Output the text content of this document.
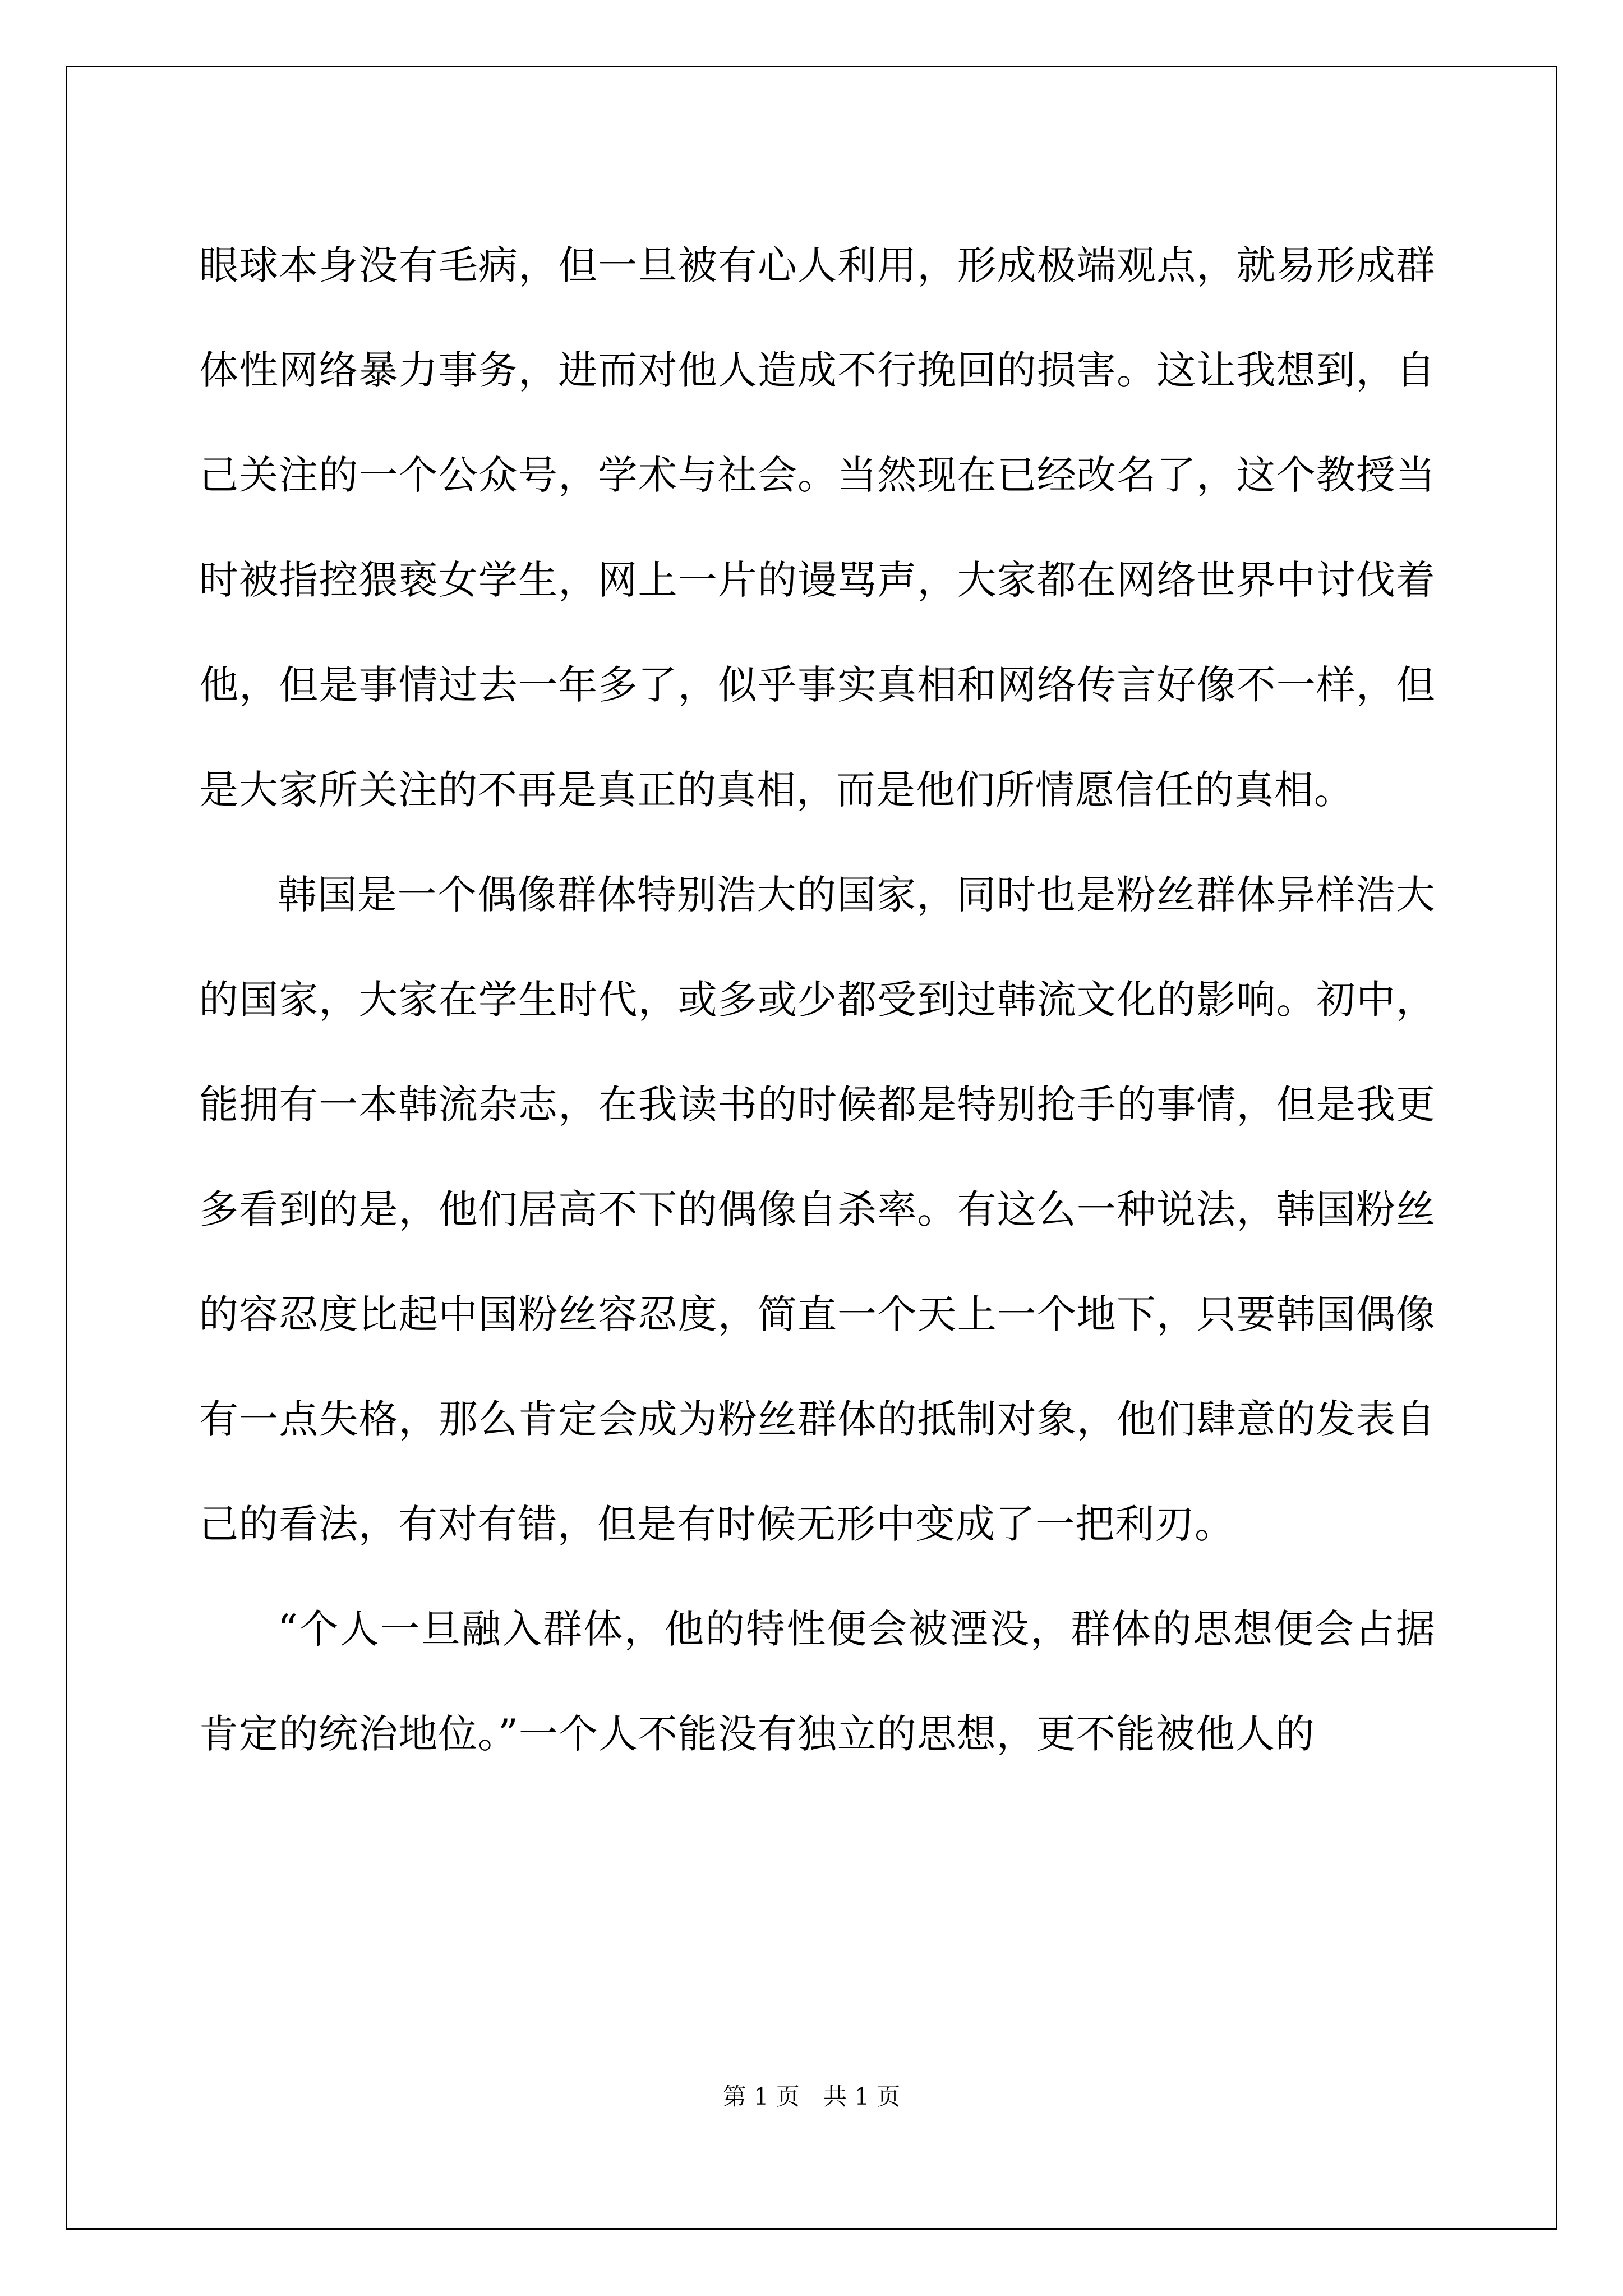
眼球本身没有毛病，但一旦被有心人利用，形成极端观点，就易形成群体性网络暴力事务，进而对他人造成不行挽回的损害。这让我想到，自己关注的一个公众号，学术与社会。当然现在已经改名了，这个教授当时被指控猥亵女学生，网上一片的谩骂声，大家都在网络世界中讨伐着他，但是事情过去一年多了，似乎事实真相和网络传言好像不一样，但是大家所关注的不再是真正的真相，而是他们所情愿信任的真相。

韩国是一个偶像群体特别浩大的国家，同时也是粉丝群体异样浩大的国家，大家在学生时代，或多或少都受到过韩流文化的影响。初中，能拥有一本韩流杂志，在我读书的时候都是特别抢手的事情，但是我更多看到的是，他们居高不下的偶像自杀率。有这么一种说法，韩国粉丝的容忍度比起中国粉丝容忍度，简直一个天上一个地下，只要韩国偶像有一点失格，那么肯定会成为粉丝群体的抵制对象，他们肆意的发表自己的看法，有对有错，但是有时候无形中变成了一把利刃。

“个人一旦融入群体，他的特性便会被湮没，群体的思想便会占据肯定的统治地位。”一个人不能没有独立的思想，更不能被他人的

第 1 页　共 1 页
